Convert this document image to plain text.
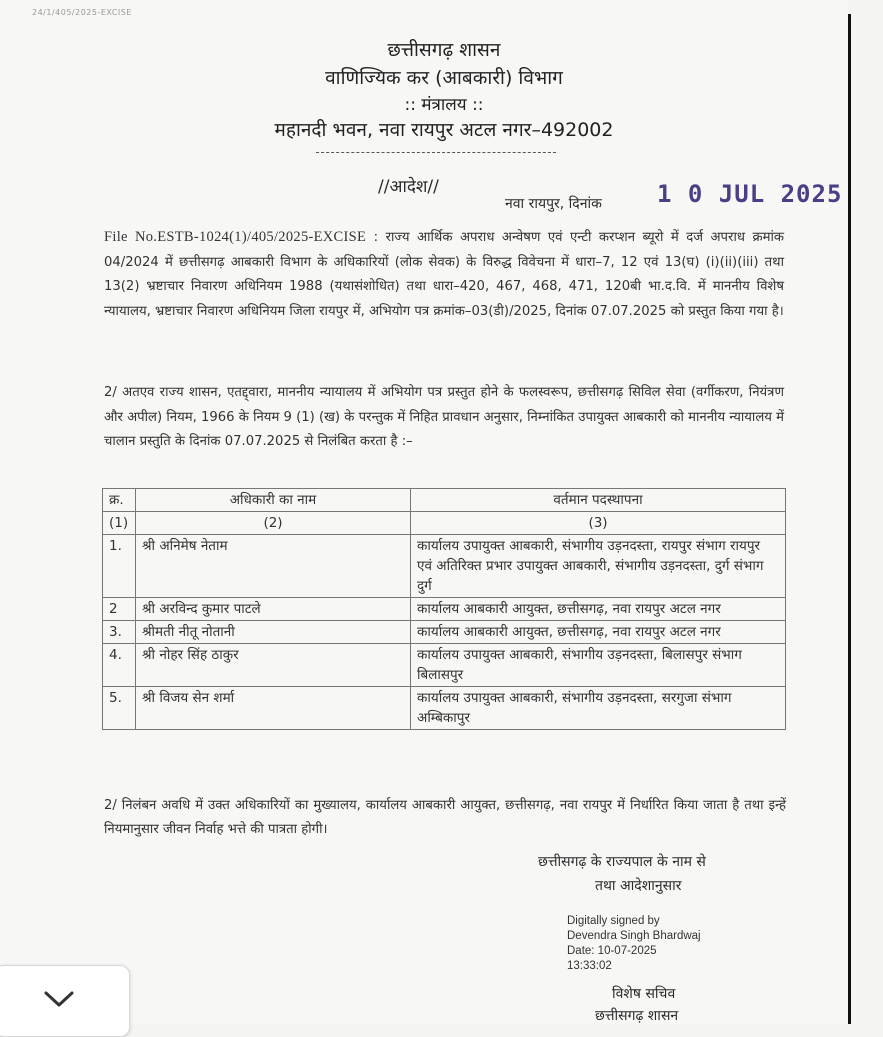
24/1/405/2025-EXCISE
छत्तीसगढ़ शासन
वाणिज्यिक कर (आबकारी) विभाग
:: मंत्रालय ::
महानदी भवन, नवा रायपुर अटल नगर–492002
//आदेश//
नवा रायपुर, दिनांक 1 0 JUL 2025
File No.ESTB-1024(1)/405/2025-EXCISE : राज्य आर्थिक अपराध अन्वेषण एवं एन्टी करप्शन ब्यूरो में दर्ज अपराध क्रमांक 04/2024 में छत्तीसगढ़ आबकारी विभाग के अधिकारियों (लोक सेवक) के विरुद्ध विवेचना में धारा–7, 12 एवं 13(घ) (i)(ii)(iii) तथा 13(2) भ्रष्टाचार निवारण अधिनियम 1988 (यथासंशोधित) तथा धारा–420, 467, 468, 471, 120बी भा.द.वि. में माननीय विशेष न्यायालय, भ्रष्टाचार निवारण अधिनियम जिला रायपुर में, अभियोग पत्र क्रमांक–03(डी)/2025, दिनांक 07.07.2025 को प्रस्तुत किया गया है।
2/ अतएव राज्य शासन, एतद्द्वारा, माननीय न्यायालय में अभियोग पत्र प्रस्तुत होने के फलस्वरूप, छत्तीसगढ़ सिविल सेवा (वर्गीकरण, नियंत्रण और अपील) नियम, 1966 के नियम 9 (1) (ख) के परन्तुक में निहित प्रावधान अनुसार, निम्नांकित उपायुक्त आबकारी को माननीय न्यायालय में चालान प्रस्तुति के दिनांक 07.07.2025 से निलंबित करता है :–
क्र.	अधिकारी का नाम	वर्तमान पदस्थापना
(1)	(2)	(3)
1.	श्री अनिमेष नेताम	कार्यालय उपायुक्त आबकारी, संभागीय उड़नदस्ता, रायपुर संभाग रायपुर एवं अतिरिक्त प्रभार उपायुक्त आबकारी, संभागीय उड़नदस्ता, दुर्ग संभाग दुर्ग
2	श्री अरविन्द कुमार पाटले	कार्यालय आबकारी आयुक्त, छत्तीसगढ़, नवा रायपुर अटल नगर
3.	श्रीमती नीतू नोतानी	कार्यालय आबकारी आयुक्त, छत्तीसगढ़, नवा रायपुर अटल नगर
4.	श्री नोहर सिंह ठाकुर	कार्यालय उपायुक्त आबकारी, संभागीय उड़नदस्ता, बिलासपुर संभाग बिलासपुर
5.	श्री विजय सेन शर्मा	कार्यालय उपायुक्त आबकारी, संभागीय उड़नदस्ता, सरगुजा संभाग अम्बिकापुर
2/ निलंबन अवधि में उक्त अधिकारियों का मुख्यालय, कार्यालय आबकारी आयुक्त, छत्तीसगढ़, नवा रायपुर में निर्धारित किया जाता है तथा इन्हें नियमानुसार जीवन निर्वाह भत्ते की पात्रता होगी।
छत्तीसगढ़ के राज्यपाल के नाम से
तथा आदेशानुसार
Digitally signed by
Devendra Singh Bhardwaj
Date: 10-07-2025
13:33:02
विशेष सचिव
छत्तीसगढ़ शासन
